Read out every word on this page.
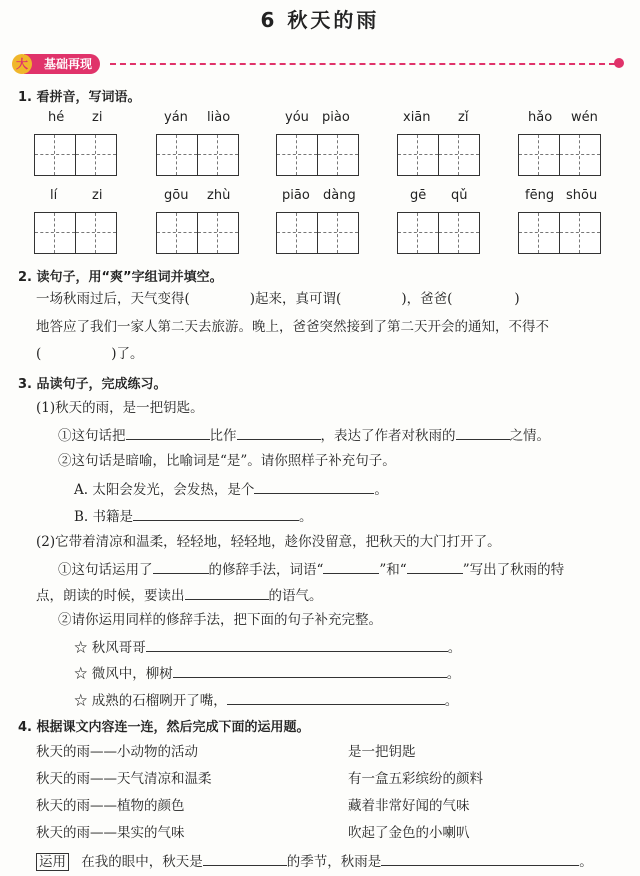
6 秋天的雨
基础再现
大
1. 看拼音，写词语。
hé zi	yán liào	yóu piào	xiān zǐ	hǎo wén
lí	zi	gōu zhù	piāo dàng	gē qǔ	fēng shōu
2. 读句子，用“爽”字组词并填空。
一场秋雨过后，天气变得(	)起来，真可谓(	)，爸爸(	)
地答应了我们一家人第二天去旅游。晚上，爸爸突然接到了第二天开会的通知，不得不
(	)了。
3. 品读句子，完成练习。
(1)秋天的雨，是一把钥匙。
①这句话把	比作	，表达了作者对秋雨的	之情。
②这句话是暗喻，比喻词是“是”。请你照样子补充句子。
A. 太阳会发光，会发热，是个	。
B. 书籍是	。
(2)它带着清凉和温柔，轻轻地，轻轻地，趁你没留意，把秋天的大门打开了。
①这句话运用了	的修辞手法，词语“	”和“	”写出了秋雨的特
点，朗读的时候，要读出	的语气。
②请你运用同样的修辞手法，把下面的句子补充完整。
☆ 秋风哥哥	。
☆ 微风中，柳树	。
☆ 成熟的石榴咧开了嘴，	。
4. 根据课文内容连一连，然后完成下面的运用题。
秋天的雨——小动物的活动
秋天的雨——天气清凉和温柔
秋天的雨——植物的颜色
秋天的雨——果实的气味
是一把钥匙
有一盒五彩缤纷的颜料
藏着非常好闻的气味
吹起了金色的小喇叭
运用 在我的眼中，秋天是	的季节，秋雨是	。
